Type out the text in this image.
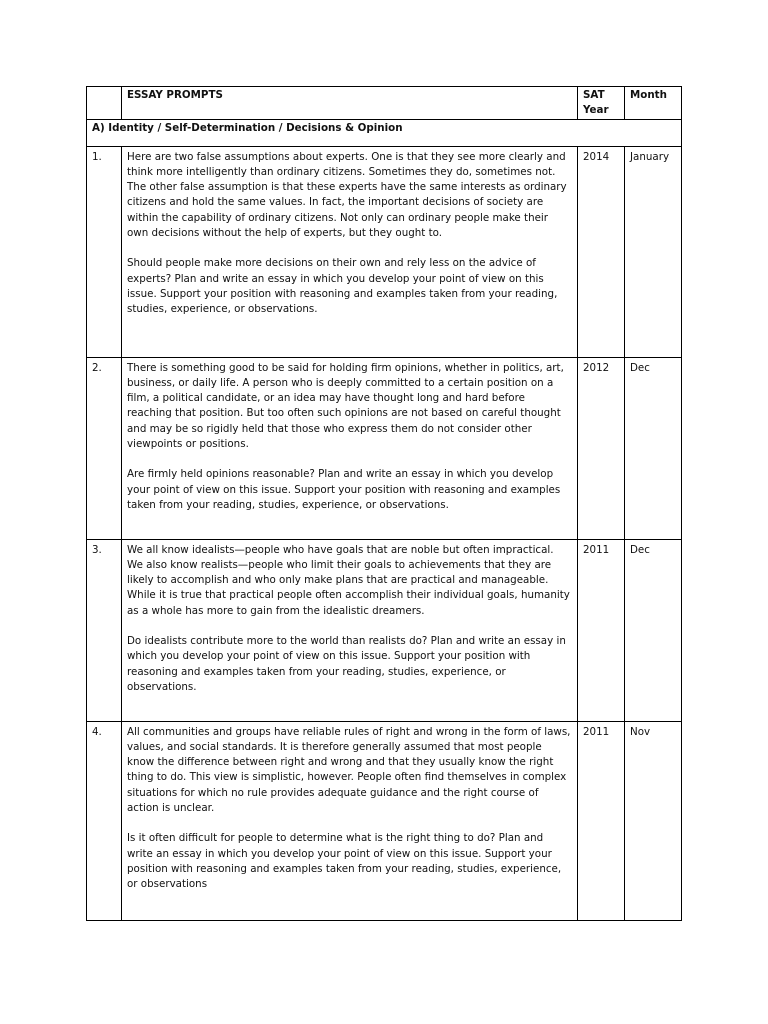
	ESSAY PROMPTS	SAT Year	Month
A) Identity / Self-Determination / Decisions & Opinion			
1.	Here are two false assumptions about experts. One is that they see more clearly and think more intelligently than ordinary citizens. Sometimes they do, sometimes not. The other false assumption is that these experts have the same interests as ordinary citizens and hold the same values. In fact, the important decisions of society are within the capability of ordinary citizens. Not only can ordinary people make their own decisions without the help of experts, but they ought to.

Should people make more decisions on their own and rely less on the advice of experts? Plan and write an essay in which you develop your point of view on this issue. Support your position with reasoning and examples taken from your reading, studies, experience, or observations.	2014	January
2.	There is something good to be said for holding firm opinions, whether in politics, art, business, or daily life. A person who is deeply committed to a certain position on a film, a political candidate, or an idea may have thought long and hard before reaching that position. But too often such opinions are not based on careful thought and may be so rigidly held that those who express them do not consider other viewpoints or positions.

Are firmly held opinions reasonable? Plan and write an essay in which you develop your point of view on this issue. Support your position with reasoning and examples taken from your reading, studies, experience, or observations.	2012	Dec
3.	We all know idealists—people who have goals that are noble but often impractical. We also know realists—people who limit their goals to achievements that they are likely to accomplish and who only make plans that are practical and manageable. While it is true that practical people often accomplish their individual goals, humanity as a whole has more to gain from the idealistic dreamers.

Do idealists contribute more to the world than realists do? Plan and write an essay in which you develop your point of view on this issue. Support your position with reasoning and examples taken from your reading, studies, experience, or observations.	2011	Dec
4.	All communities and groups have reliable rules of right and wrong in the form of laws, values, and social standards. It is therefore generally assumed that most people know the difference between right and wrong and that they usually know the right thing to do. This view is simplistic, however. People often find themselves in complex situations for which no rule provides adequate guidance and the right course of action is unclear.

Is it often difficult for people to determine what is the right thing to do? Plan and write an essay in which you develop your point of view on this issue. Support your position with reasoning and examples taken from your reading, studies, experience, or observations	2011	Nov
